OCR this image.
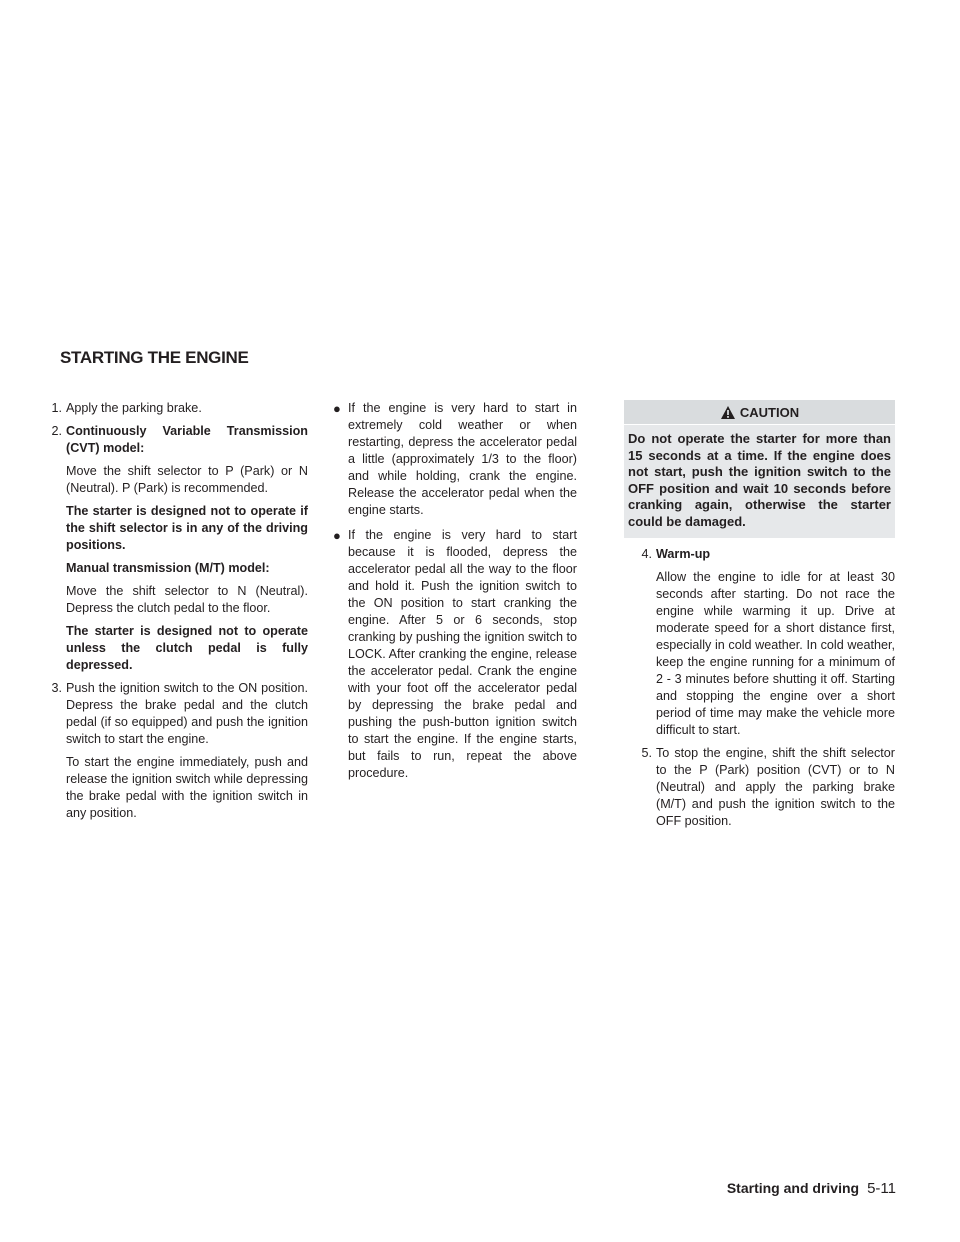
STARTING THE ENGINE
1. Apply the parking brake.
2. Continuously Variable Transmission (CVT) model:
Move the shift selector to P (Park) or N (Neutral). P (Park) is recommended.
The starter is designed not to operate if the shift selector is in any of the driving positions.
Manual transmission (M/T) model:
Move the shift selector to N (Neutral). Depress the clutch pedal to the floor.
The starter is designed not to operate unless the clutch pedal is fully depressed.
3. Push the ignition switch to the ON position. Depress the brake pedal and the clutch pedal (if so equipped) and push the ignition switch to start the engine.
To start the engine immediately, push and release the ignition switch while depressing the brake pedal with the ignition switch in any position.
● If the engine is very hard to start in extremely cold weather or when restarting, depress the accelerator pedal a little (approximately 1/3 to the floor) and while holding, crank the engine. Release the accelerator pedal when the engine starts.
● If the engine is very hard to start because it is flooded, depress the accelerator pedal all the way to the floor and hold it. Push the ignition switch to the ON position to start cranking the engine. After 5 or 6 seconds, stop cranking by pushing the ignition switch to LOCK. After cranking the engine, release the accelerator pedal. Crank the engine with your foot off the accelerator pedal by depressing the brake pedal and pushing the push-button ignition switch to start the engine. If the engine starts, but fails to run, repeat the above procedure.
CAUTION
Do not operate the starter for more than 15 seconds at a time. If the engine does not start, push the ignition switch to the OFF position and wait 10 seconds before cranking again, otherwise the starter could be damaged.
4. Warm-up
Allow the engine to idle for at least 30 seconds after starting. Do not race the engine while warming it up. Drive at moderate speed for a short distance first, especially in cold weather. In cold weather, keep the engine running for a minimum of 2 - 3 minutes before shutting it off. Starting and stopping the engine over a short period of time may make the vehicle more difficult to start.
5. To stop the engine, shift the shift selector to the P (Park) position (CVT) or to N (Neutral) and apply the parking brake (M/T) and push the ignition switch to the OFF position.
Starting and driving 5-11
